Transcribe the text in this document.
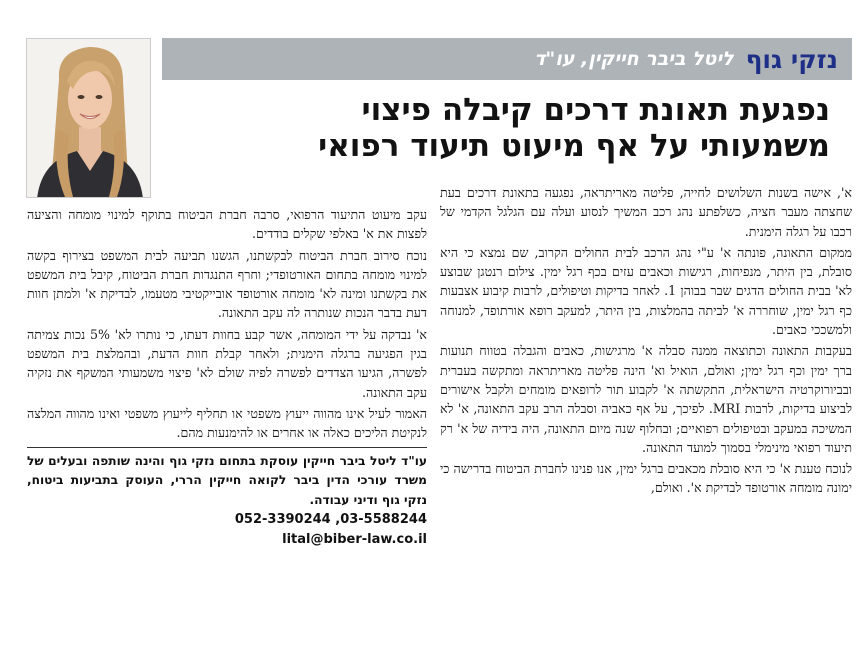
נזקי גוף
ליטל ביבר חייקין, עו"ד
נפגעת תאונת דרכים קיבלה פיצוי
משמעותי על אף מיעוט תיעוד רפואי

א', אישה בשנות השלושים לחייה, פליטה מאריתראה, נפגעה בתאונת דרכים בעת שחצתה מעבר חציה, כשלפתע נהג רכב המשיך לנסוע ועלה עם הגלגל הקדמי של רכבו על רגלה הימנית.

ממקום התאונה, פונתה א' ע"י נהג הרכב לבית החולים הקרוב, שם נמצא כי היא סובלת, בין היתר, מנפיחות, רגישות וכאבים עזים בכף רגל ימין. צילום רנטגן שבוצע לא' בבית החולים הדגים שבר בבוהן 1. לאחר בדיקות וטיפולים, לרבות קיבוע אצבעות כף רגל ימין, שוחררה א' לביתה בהמלצות, בין היתר, למעקב רופא אורתופד, למנוחה ולמשככי כאבים.

בעקבות התאונה וכתוצאה ממנה סבלה א' מרגישות, כאבים והגבלה בטווח תנועות ברך ימין וכף רגל ימין; ואולם, הואיל וא' הינה פליטה מאריתראה ומתקשה בעברית ובביורוקרטיה הישראלית, התקשתה א' לקבוע תור לרופאים מומחים ולקבל אישורים לביצוע בדיקות, לרבות MRI. לפיכך, על אף כאביה וסבלה הרב עקב התאונה, א' לא המשיכה במעקב ובטיפולים רפואיים; ובחלוף שנה מיום התאונה, היה בידיה של א' רק תיעוד רפואי מינימלי בסמוך למועד התאונה.

לנוכח טענת א' כי היא סובלת מכאבים ברגל ימין, אנו פנינו לחברת הביטוח בדרישה כי ימונה מומחה אורטופד לבדיקת א'. ואולם,

עקב מיעוט התיעוד הרפואי, סרבה חברת הביטוח בתוקף למינוי מומחה והציעה לפצות את א' באלפי שקלים בודדים.

נוכח סירוב חברת הביטוח לבקשתנו, הגשנו תביעה לבית המשפט בצירוף בקשה למינוי מומחה בתחום האורטופדי; וחרף התנגדות חברת הביטוח, קיבל בית המשפט את בקשתנו ומינה לא' מומחה אורטופד אובייקטיבי מטעמו, לבדיקת א' ולמתן חוות דעת בדבר הנכות שנותרה לה עקב התאונה.

א' נבדקה על ידי המומחה, אשר קבע בחוות דעתו, כי נותרו לא' 5% נכות צמיתה בגין הפגיעה ברגלה הימנית; ולאחר קבלת חוות הדעת, ובהמלצת בית המשפט לפשרה, הגיעו הצדדים לפשרה לפיה שולם לא' פיצוי משמעותי המשקף את נזקיה עקב התאונה.

האמור לעיל אינו מהווה ייעוץ משפטי או תחליף לייעוץ משפטי ואינו מהווה המלצה לנקיטת הליכים כאלה או אחרים או להימנעות מהם.

עו"ד ליטל ביבר חייקין עוסקת בתחום נזקי גוף והינה שותפה ובעלים של משרד עורכי הדין ביבר לקואה חייקין הררי, העוסק בתביעות ביטוח, נזקי גוף ודיני עבודה.
052-3390244 ,03-5588244
lital@biber-law.co.il
